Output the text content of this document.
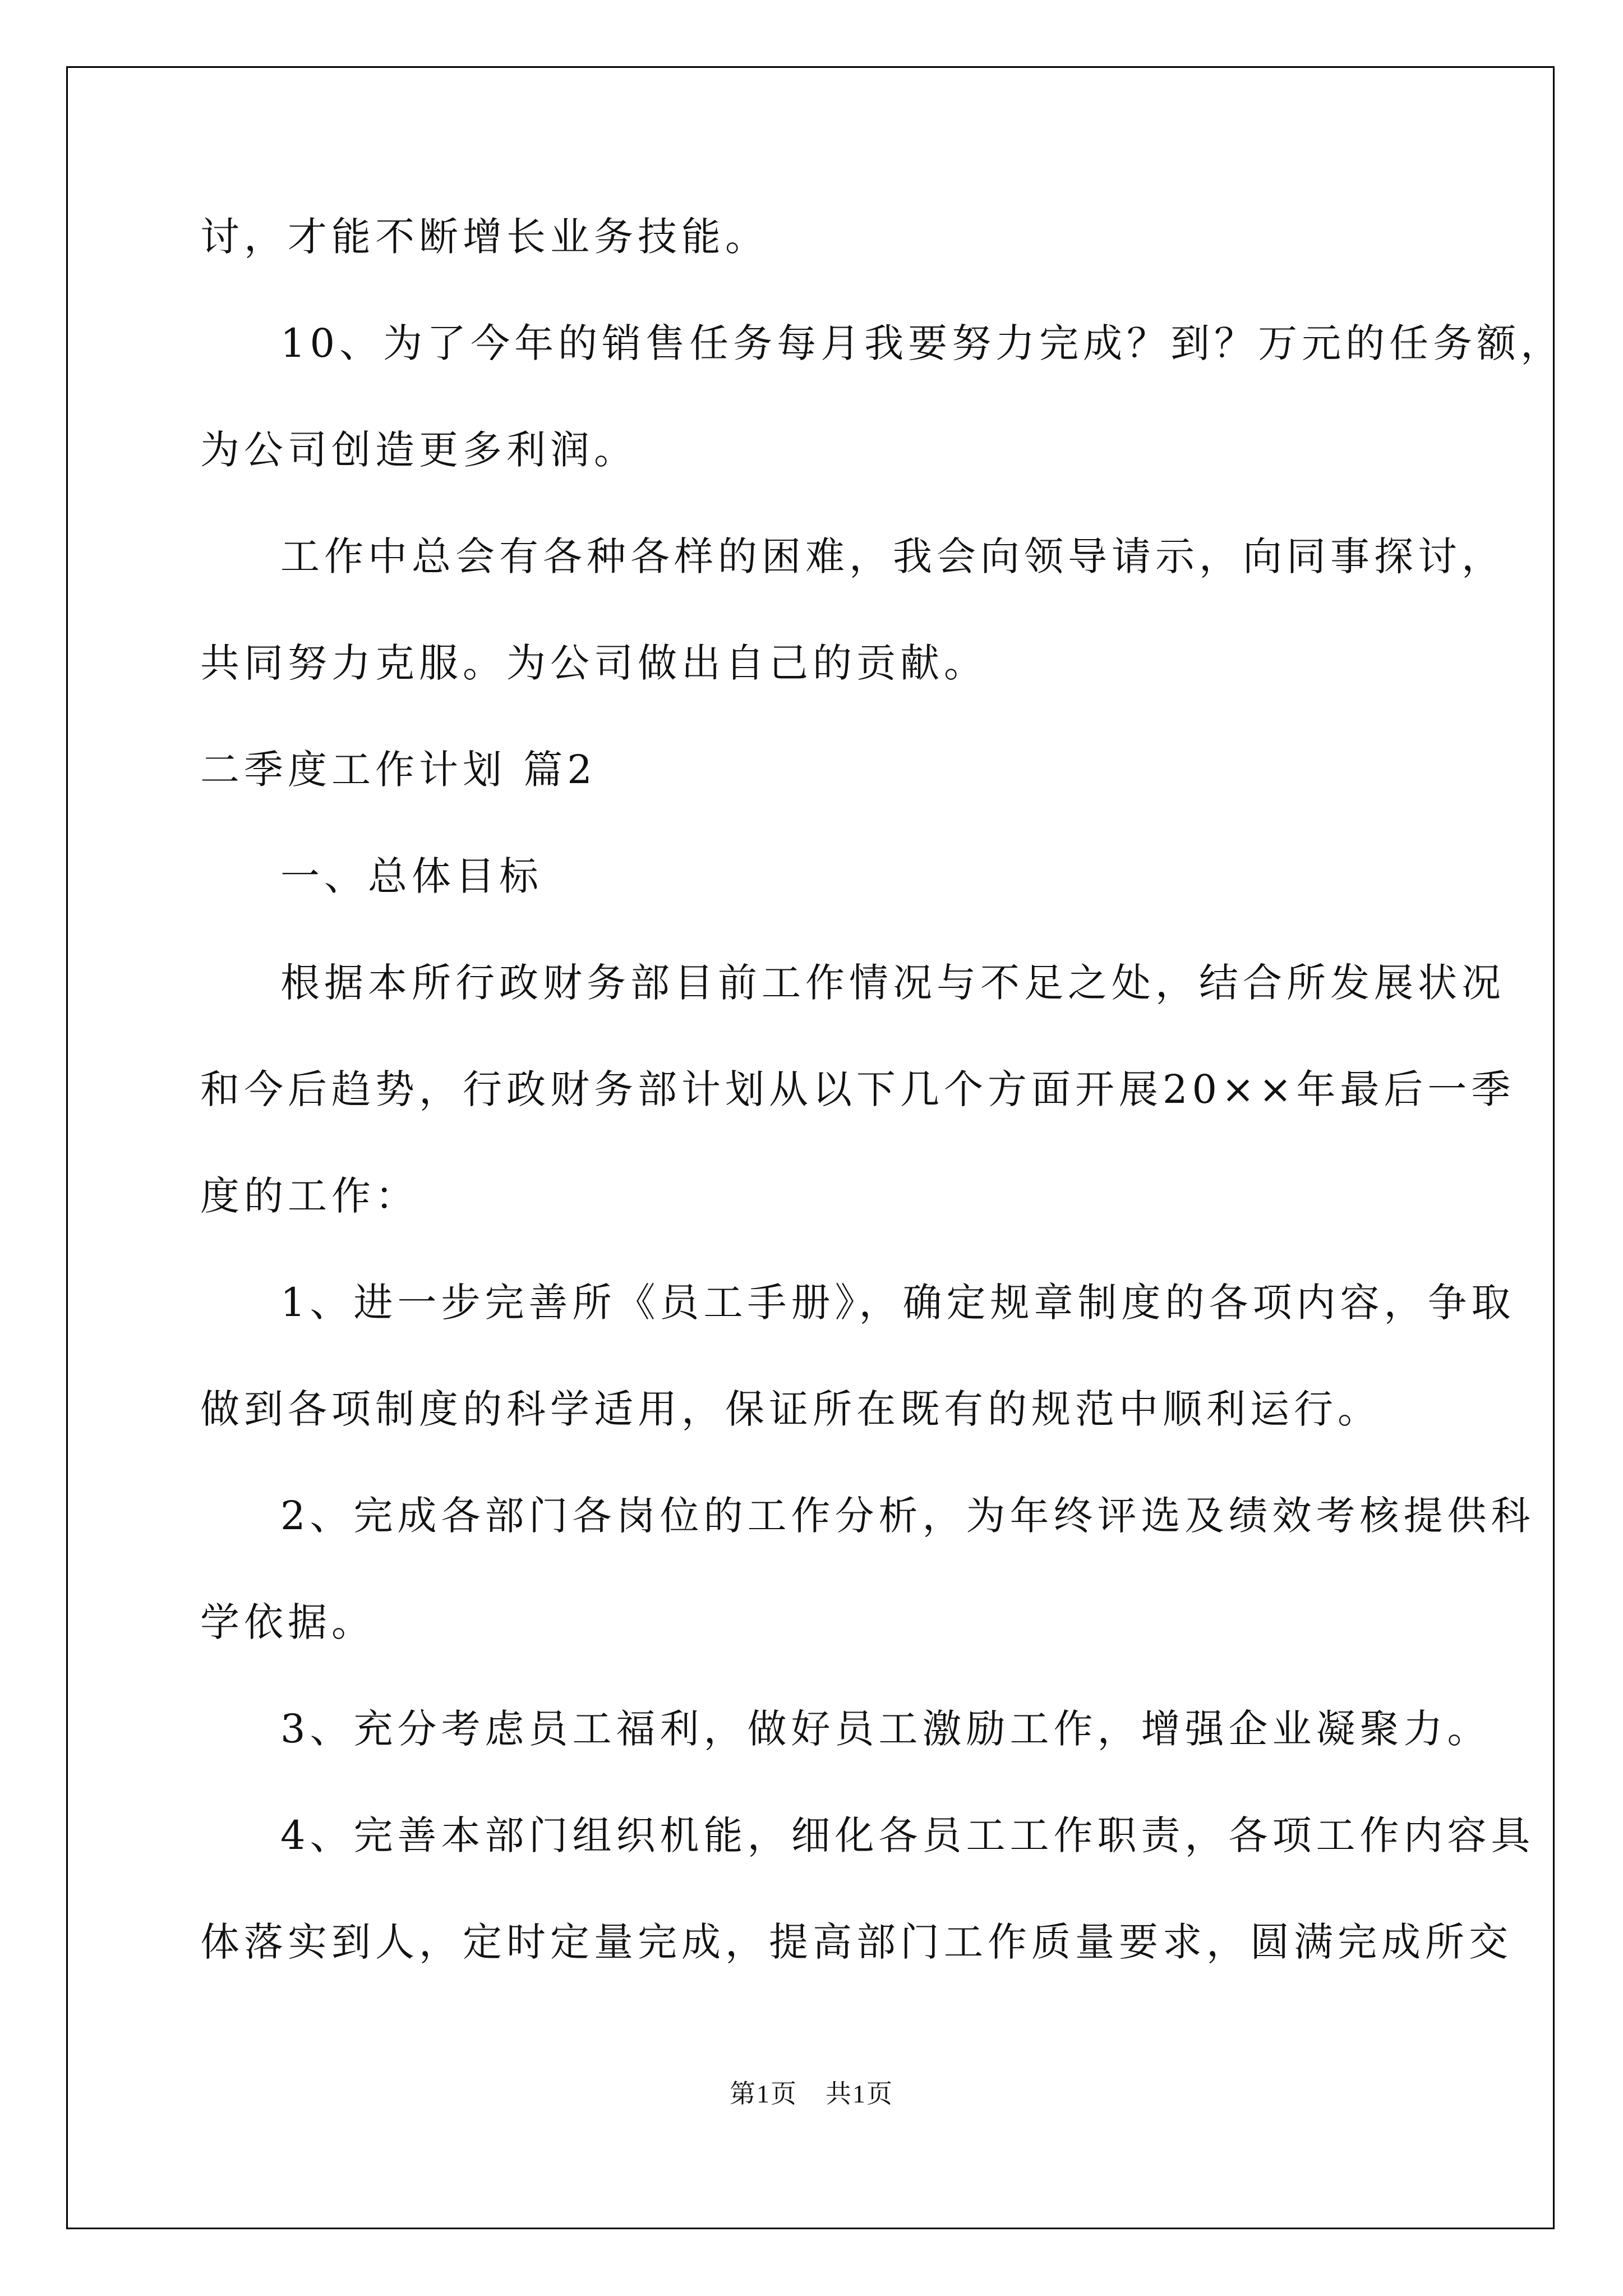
讨，才能不断增长业务技能。
10、为了今年的销售任务每月我要努力完成？到？万元的任务额，
为公司创造更多利润。
工作中总会有各种各样的困难，我会向领导请示，向同事探讨，
共同努力克服。为公司做出自己的贡献。
二季度工作计划 篇2
一、总体目标
根据本所行政财务部目前工作情况与不足之处，结合所发展状况
和今后趋势，行政财务部计划从以下几个方面开展20××年最后一季
度的工作：
1、进一步完善所《员工手册》，确定规章制度的各项内容，争取
做到各项制度的科学适用，保证所在既有的规范中顺利运行。
2、完成各部门各岗位的工作分析，为年终评选及绩效考核提供科
学依据。
3、充分考虑员工福利，做好员工激励工作，增强企业凝聚力。
4、完善本部门组织机能，细化各员工工作职责，各项工作内容具
体落实到人，定时定量完成，提高部门工作质量要求，圆满完成所交
第1页 共1页
